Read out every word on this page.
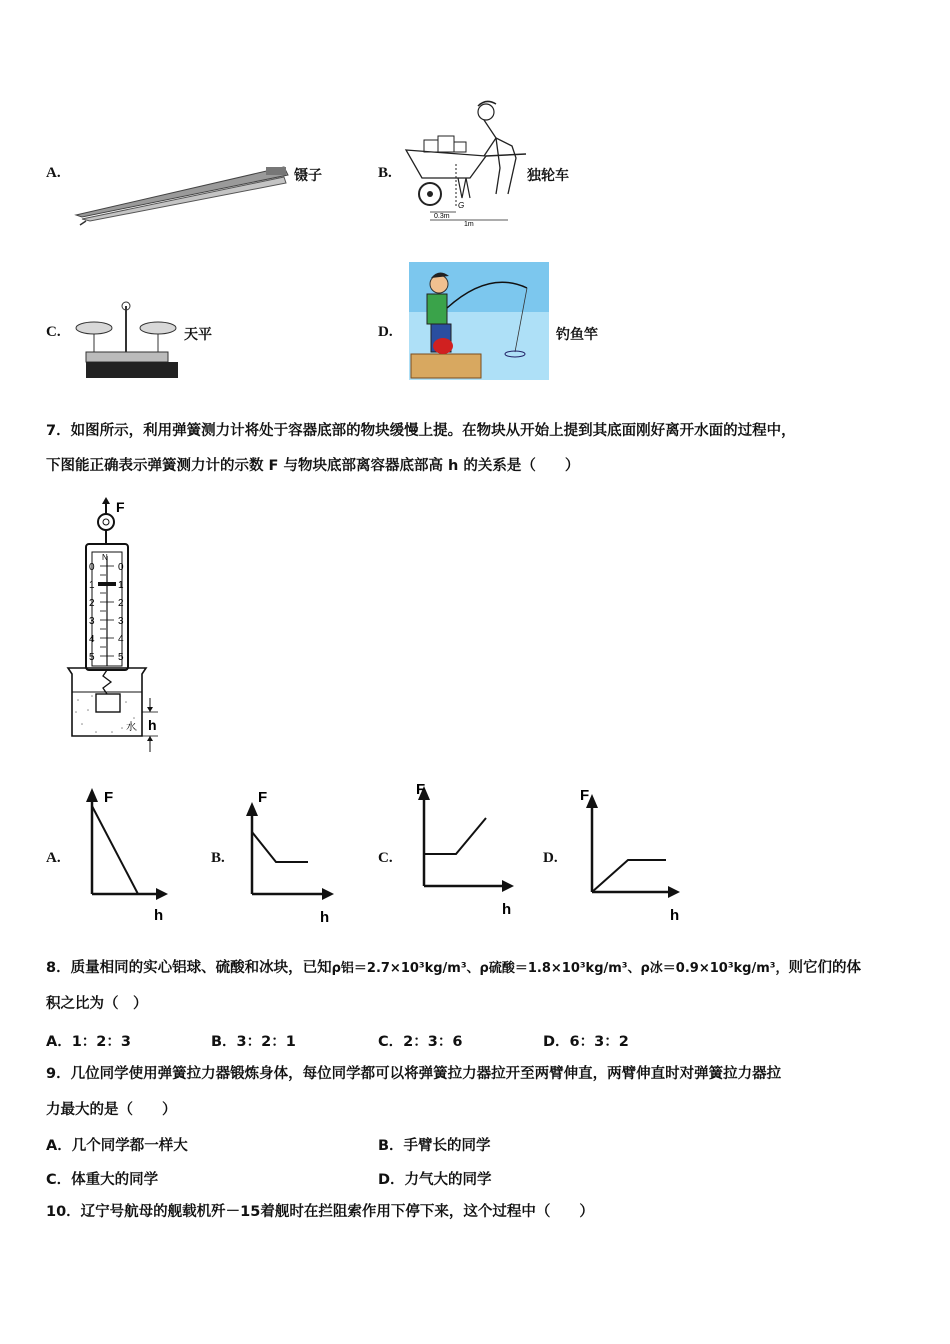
A.	镊子	B.
G
0.3m
1m
独轮车
C.	天平	D.	钓鱼竿
7．如图所示，利用弹簧测力计将处于容器底部的物块缓慢上提。在物块从开始上提到其底面刚好离开水面的过程中，
下图能正确表示弹簧测力计的示数 F 与物块底部离容器底部高 h 的关系是（　　）
F
N
0
1
2
3
4
5
0
1
2
3
4
5
水 h
A.
F
h
B.
F
h
C.
F
h
D.
F
h
8．质量相同的实心铝球、硫酸和冰块，已知ρ铝＝2.7×10³kg/m³、ρ硫酸＝1.8×10³kg/m³、ρ冰＝0.9×10³kg/m³，则它们的体
积之比为（　）
A．1：2：3	B．3：2：1	C．2：3：6	D．6：3：2
9．几位同学使用弹簧拉力器锻炼身体，每位同学都可以将弹簧拉力器拉开至两臂伸直，两臂伸直时对弹簧拉力器拉
力最大的是（　　）
A．几个同学都一样大	B．手臂长的同学
C．体重大的同学	D．力气大的同学
10．辽宁号航母的舰载机歼－15着舰时在拦阻索作用下停下来，这个过程中（　　）
